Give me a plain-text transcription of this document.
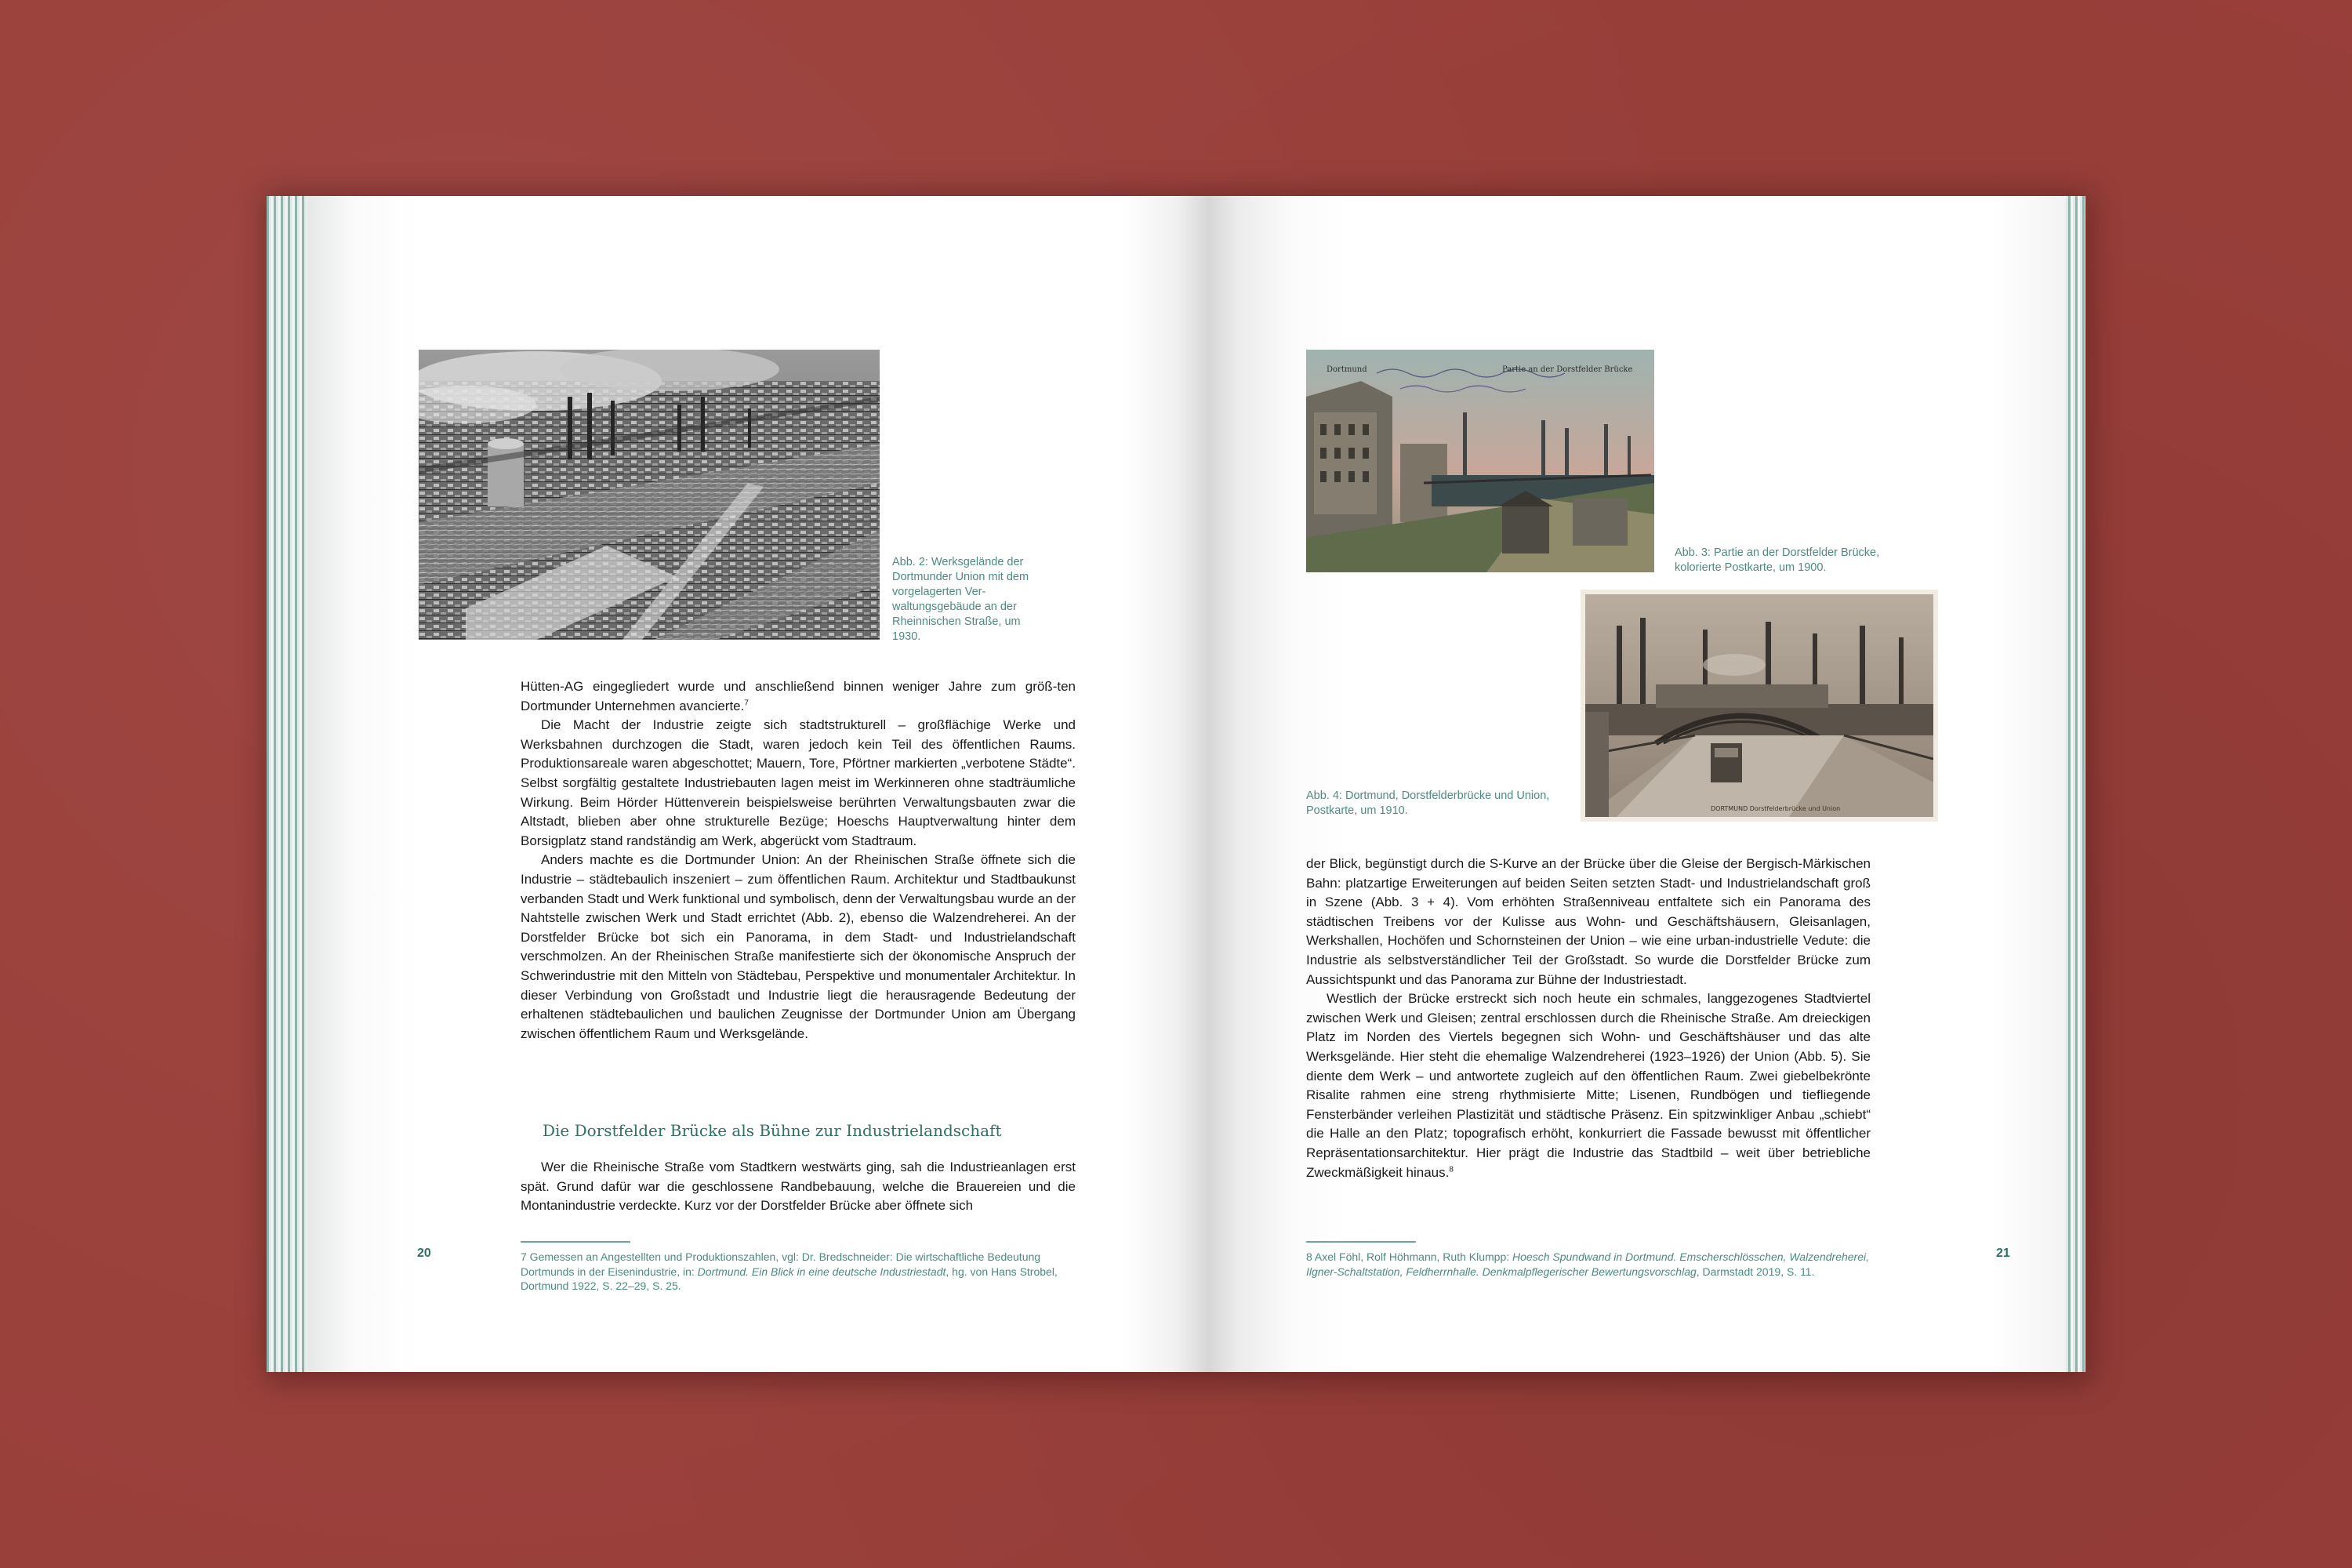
Abb. 2: Werksgelände der Dortmunder Union mit dem vorgelagerten Ver-waltungsgebäude an der Rheinnischen Straße, um 1930.

Hütten-AG eingegliedert wurde und anschließend binnen weniger Jahre zum größ-ten Dortmunder Unternehmen avancierte.$^7$

Die Macht der Industrie zeigte sich stadtstrukturell – großflächige Werke und Werksbahnen durchzogen die Stadt, waren jedoch kein Teil des öffentlichen Raums. Produktionsareale waren abgeschottet; Mauern, Tore, Pförtner markierten „verbotene Städte“. Selbst sorgfältig gestaltete Industriebauten lagen meist im Werkinneren ohne stadträumliche Wirkung. Beim Hörder Hüttenverein beispielsweise berührten Verwaltungsbauten zwar die Altstadt, blieben aber ohne strukturelle Bezüge; Hoeschs Hauptverwaltung hinter dem Borsigplatz stand randständig am Werk, abgerückt vom Stadtraum.

Anders machte es die Dortmunder Union: An der Rheinischen Straße öffnete sich die Industrie – städtebaulich inszeniert – zum öffentlichen Raum. Architektur und Stadtbaukunst verbanden Stadt und Werk funktional und symbolisch, denn der Verwaltungsbau wurde an der Nahtstelle zwischen Werk und Stadt errichtet (Abb. 2), ebenso die Walzendreherei. An der Dorstfelder Brücke bot sich ein Panorama, in dem Stadt- und Industrielandschaft verschmolzen. An der Rheinischen Straße manifestierte sich der ökonomische Anspruch der Schwerindustrie mit den Mitteln von Städtebau, Perspektive und monumentaler Architektur. In dieser Verbindung von Großstadt und Industrie liegt die herausragende Bedeutung der erhaltenen städtebaulichen und baulichen Zeugnisse der Dortmunder Union am Übergang zwischen öffentlichem Raum und Werksgelände.

Die Dorstfelder Brücke als Bühne zur Industrielandschaft

Wer die Rheinische Straße vom Stadtkern westwärts ging, sah die Industrieanlagen erst spät. Grund dafür war die geschlossene Randbebauung, welche die Brauereien und die Montanindustrie verdeckte. Kurz vor der Dorstfelder Brücke aber öffnete sich

20	7 Gemessen an Angestellten und Produktionszahlen, vgl: Dr. Bredschneider: Die wirtschaftliche Bedeutung Dortmunds in der Eisenindustrie, in: Dortmund. Ein Blick in eine deutsche Industriestadt, hg. von Hans Strobel, Dortmund 1922, S. 22–29, S. 25.
Dortmund	Partie an der Dorstfelder Brücke
Abb. 3: Partie an der Dorstfelder Brücke, kolorierte Postkarte, um 1900.
DORTMUND Dorstfelderbrücke und Union
Abb. 4: Dortmund, Dorstfelderbrücke und Union, Postkarte, um 1910.

der Blick, begünstigt durch die S-Kurve an der Brücke über die Gleise der Bergisch-Märkischen Bahn: platzartige Erweiterungen auf beiden Seiten setzten Stadt- und Industrielandschaft groß in Szene (Abb. 3 + 4). Vom erhöhten Straßenniveau entfaltete sich ein Panorama des städtischen Treibens vor der Kulisse aus Wohn- und Geschäftshäusern, Gleisanlagen, Werkshallen, Hochöfen und Schornsteinen der Union – wie eine urban-industrielle Vedute: die Industrie als selbstverständlicher Teil der Großstadt. So wurde die Dorstfelder Brücke zum Aussichtspunkt und das Panorama zur Bühne der Industriestadt.

Westlich der Brücke erstreckt sich noch heute ein schmales, langgezogenes Stadtviertel zwischen Werk und Gleisen; zentral erschlossen durch die Rheinische Straße. Am dreieckigen Platz im Norden des Viertels begegnen sich Wohn- und Geschäftshäuser und das alte Werksgelände. Hier steht die ehemalige Walzendreherei (1923–1926) der Union (Abb. 5). Sie diente dem Werk – und antwortete zugleich auf den öffentlichen Raum. Zwei giebelbekrönte Risalite rahmen eine streng rhythmisierte Mitte; Lisenen, Rundbögen und tiefliegende Fensterbänder verleihen Plastizität und städtische Präsenz. Ein spitzwinkliger Anbau „schiebt“ die Halle an den Platz; topografisch erhöht, konkurriert die Fassade bewusst mit öffentlicher Repräsentationsarchitektur. Hier prägt die Industrie das Stadtbild – weit über betriebliche Zweckmäßigkeit hinaus.$^8$

8 Axel Föhl, Rolf Höhmann, Ruth Klumpp: Hoesch Spundwand in Dortmund. Emscherschlösschen, Walzendreherei, Ilgner-Schaltstation, Feldherrnhalle. Denkmalpflegerischer Bewertungsvorschlag, Darmstadt 2019, S. 11.
21
